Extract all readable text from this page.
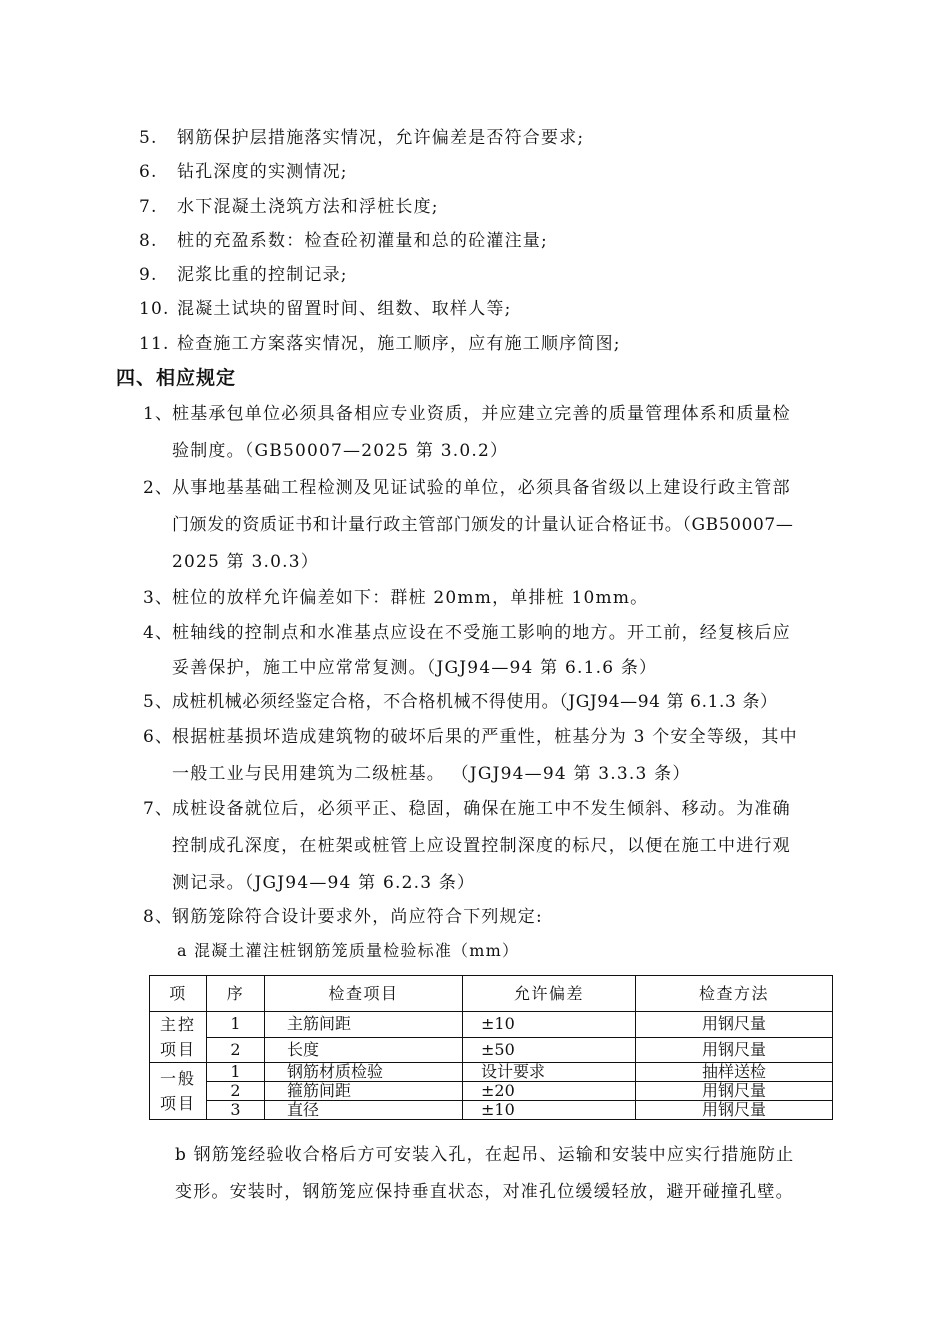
5. 钢筋保护层措施落实情况，允许偏差是否符合要求;
6. 钻孔深度的实测情况;
7. 水下混凝土浇筑方法和浮桩长度;
8. 桩的充盈系数：检查砼初灌量和总的砼灌注量;
9. 泥浆比重的控制记录;
10. 混凝土试块的留置时间、组数、取样人等;
11. 检查施工方案落实情况，施工顺序，应有施工顺序简图;
四、相应规定
1、
桩基承包单位必须具备相应专业资质，并应建立完善的质量管理体系和质量检
验制度。（GB50007—2025 第 3.0.2）
2、
从事地基基础工程检测及见证试验的单位，必须具备省级以上建设行政主管部
门颁发的资质证书和计量行政主管部门颁发的计量认证合格证书。（GB50007—
2025 第 3.0.3）
3、
桩位的放样允许偏差如下：群桩 20mm，单排桩 10mm。
4、
桩轴线的控制点和水准基点应设在不受施工影响的地方。开工前，经复核后应
妥善保护，施工中应常常复测。（JGJ94—94 第 6.1.6 条）
5、
成桩机械必须经鉴定合格，不合格机械不得使用。（JGJ94—94 第 6.1.3 条）
6、
根据桩基损坏造成建筑物的破坏后果的严重性，桩基分为 3 个安全等级，其中
一般工业与民用建筑为二级桩基。 （JGJ94—94 第 3.3.3 条）
7、
成桩设备就位后，必须平正、稳固，确保在施工中不发生倾斜、移动。为准确
控制成孔深度，在桩架或桩管上应设置控制深度的标尺，以便在施工中进行观
测记录。（JGJ94—94 第 6.2.3 条）
8、
钢筋笼除符合设计要求外，尚应符合下列规定:
a 混凝土灌注桩钢筋笼质量检验标准（mm）
项	序	检查项目	允许偏差	检查方法
主控
项目	1	主筋间距	±10	用钢尺量
	2	长度	±50	用钢尺量
一般
项目	1	钢筋材质检验	设计要求	抽样送检
	2	箍筋间距	±20	用钢尺量
	3	直径	±10	用钢尺量
b 钢筋笼经验收合格后方可安装入孔，在起吊、运输和安装中应实行措施防止
变形。安装时，钢筋笼应保持垂直状态，对准孔位缓缓轻放，避开碰撞孔壁。
